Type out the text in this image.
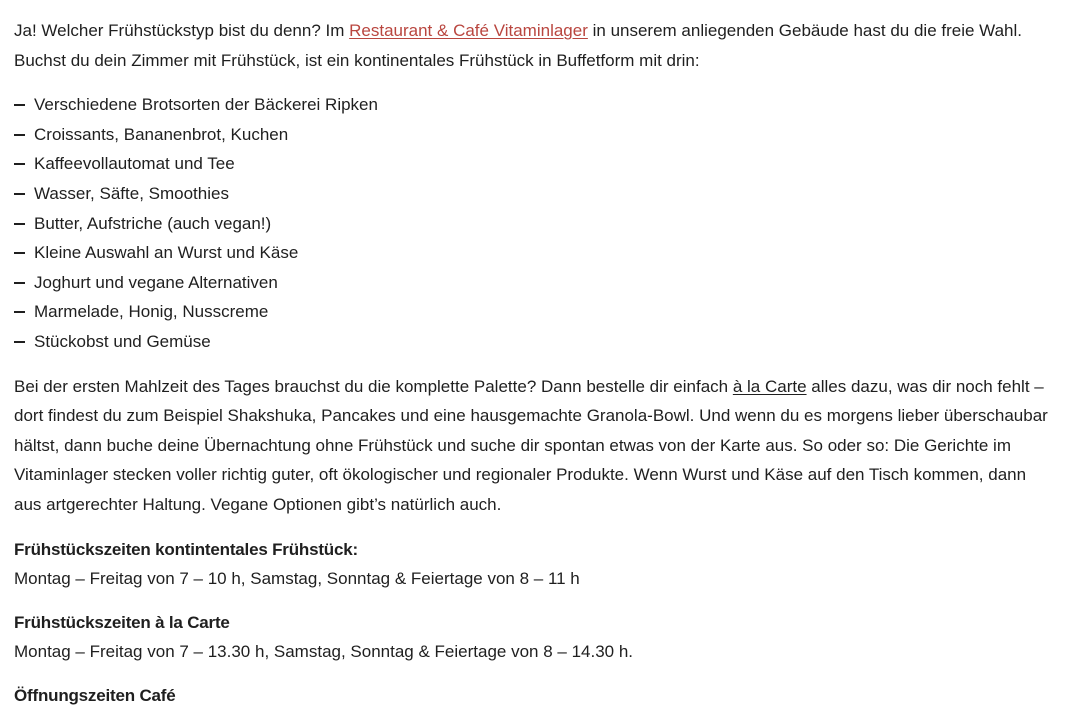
Ja! Welcher Frühstückstyp bist du denn? Im Restaurant & Café Vitaminlager in unserem anliegenden Gebäude hast du die freie Wahl. Buchst du dein Zimmer mit Frühstück, ist ein kontinentales Frühstück in Buffetform mit drin:

Verschiedene Brotsorten der Bäckerei Ripken
Croissants, Bananenbrot, Kuchen
Kaffeevollautomat und Tee
Wasser, Säfte, Smoothies
Butter, Aufstriche (auch vegan!)
Kleine Auswahl an Wurst und Käse
Joghurt und vegane Alternativen
Marmelade, Honig, Nusscreme
Stückobst und Gemüse

Bei der ersten Mahlzeit des Tages brauchst du die komplette Palette? Dann bestelle dir einfach à la Carte alles dazu, was dir noch fehlt – dort findest du zum Beispiel Shakshuka, Pancakes und eine hausgemachte Granola-Bowl. Und wenn du es morgens lieber überschaubar hältst, dann buche deine Übernachtung ohne Frühstück und suche dir spontan etwas von der Karte aus. So oder so: Die Gerichte im Vitaminlager stecken voller richtig guter, oft ökologischer und regionaler Produkte. Wenn Wurst und Käse auf den Tisch kommen, dann aus artgerechter Haltung. Vegane Optionen gibt’s natürlich auch.

Frühstückszeiten kontintentales Frühstück:

Montag – Freitag von 7 – 10 h, Samstag, Sonntag & Feiertage von 8 – 11 h

Frühstückszeiten à la Carte

Montag – Freitag von 7 – 13.30 h, Samstag, Sonntag & Feiertage von 8 – 14.30 h.

Öffnungszeiten Café
